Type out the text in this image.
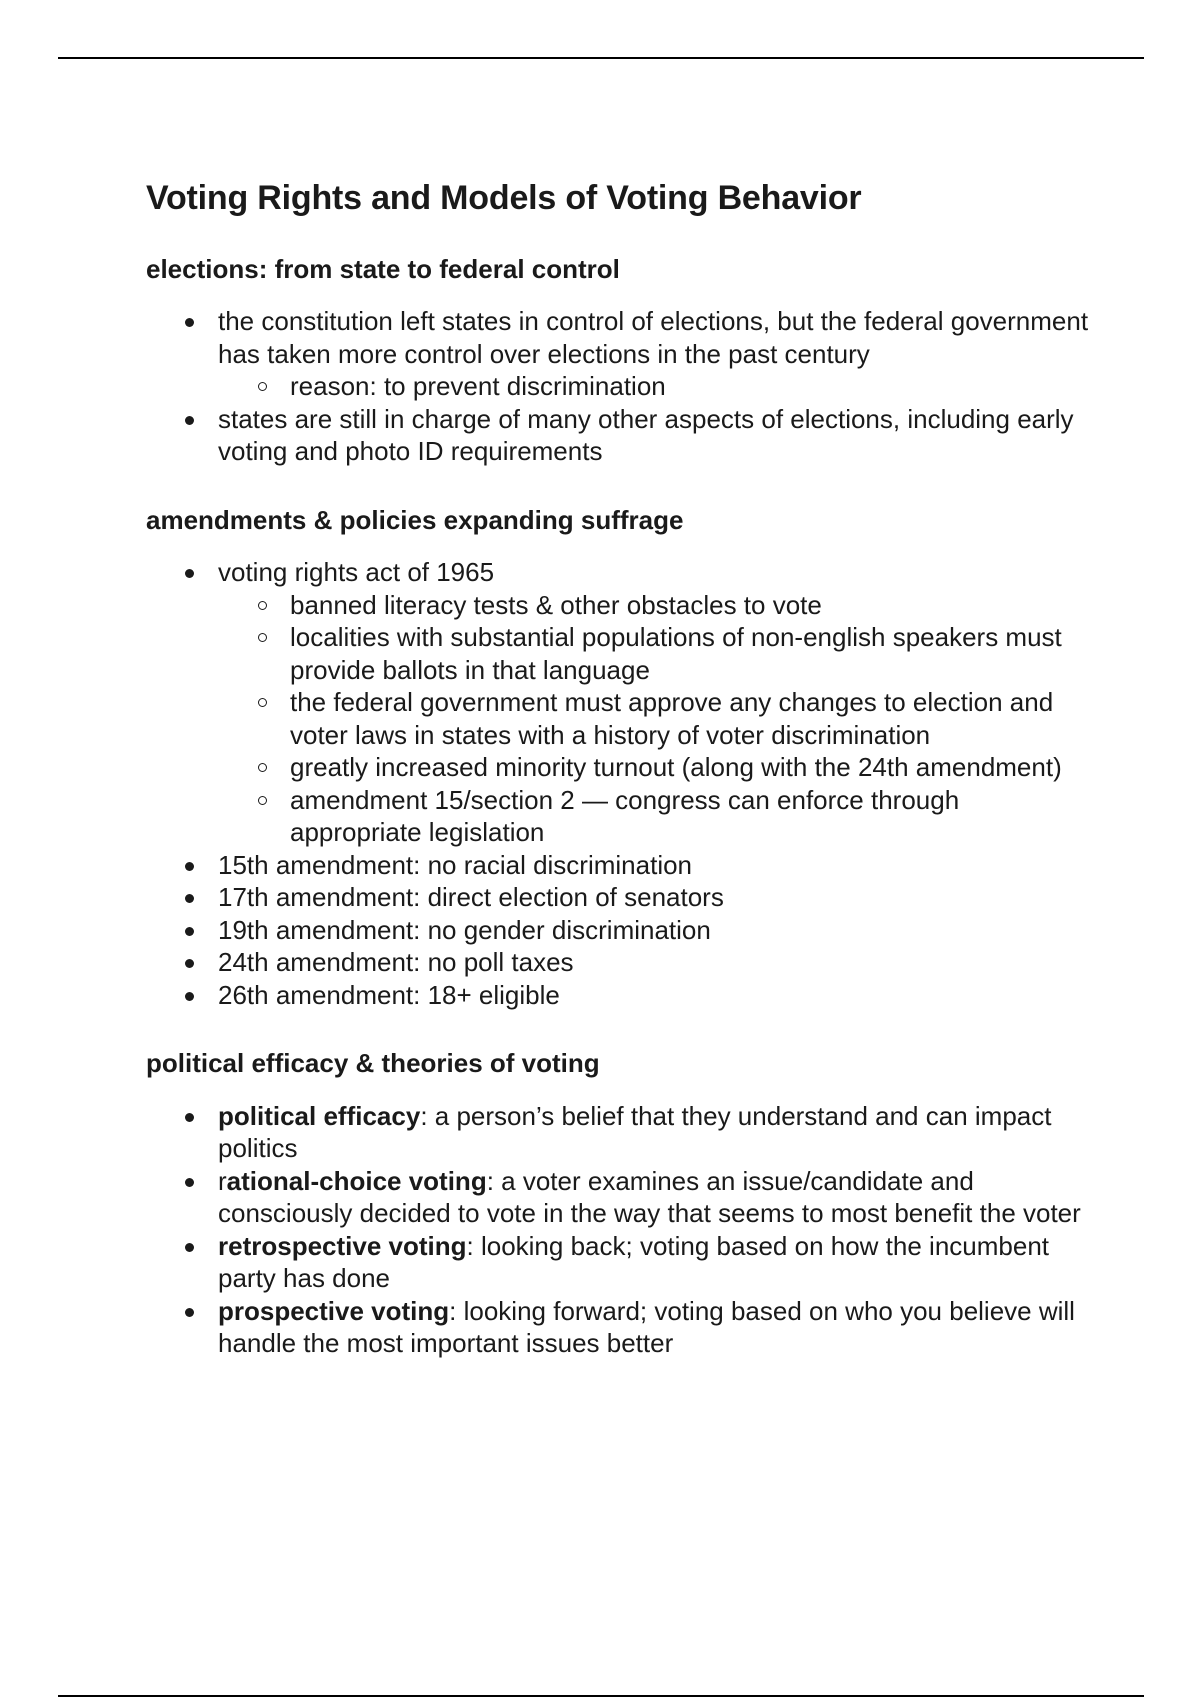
Voting Rights and Models of Voting Behavior
elections: from state to federal control
the constitution left states in control of elections, but the federal government has taken more control over elections in the past century
reason: to prevent discrimination
states are still in charge of many other aspects of elections, including early voting and photo ID requirements
amendments & policies expanding suffrage
voting rights act of 1965
banned literacy tests & other obstacles to vote
localities with substantial populations of non-english speakers must provide ballots in that language
the federal government must approve any changes to election and voter laws in states with a history of voter discrimination
greatly increased minority turnout (along with the 24th amendment)
amendment 15/section 2 — congress can enforce through appropriate legislation
15th amendment: no racial discrimination
17th amendment: direct election of senators
19th amendment: no gender discrimination
24th amendment: no poll taxes
26th amendment: 18+ eligible
political efficacy & theories of voting
political efficacy: a person’s belief that they understand and can impact politics
rational-choice voting: a voter examines an issue/candidate and consciously decided to vote in the way that seems to most benefit the voter
retrospective voting: looking back; voting based on how the incumbent party has done
prospective voting: looking forward; voting based on who you believe will handle the most important issues better
